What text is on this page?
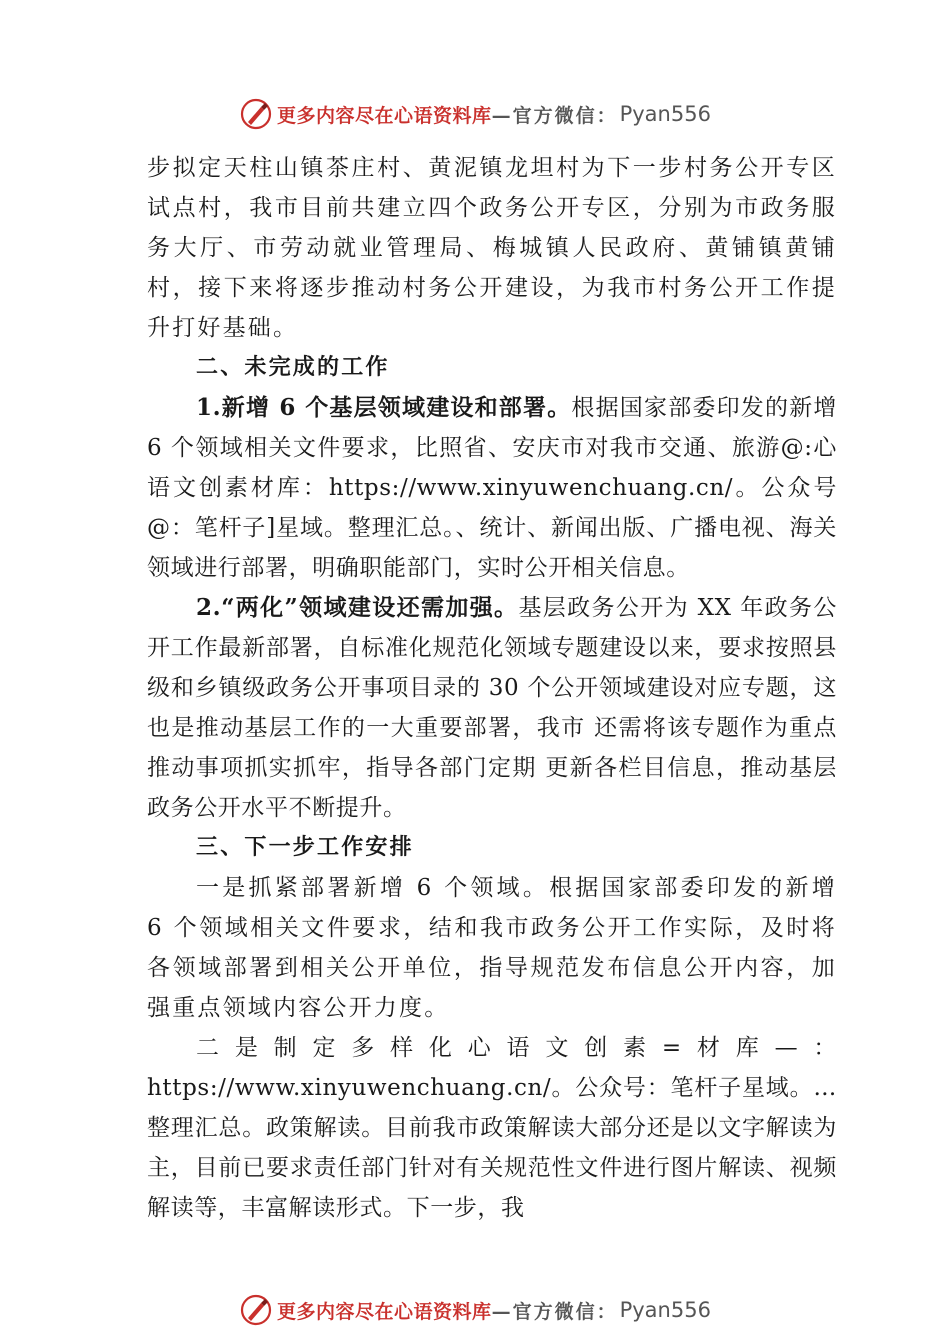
更多内容尽在心语资料库 —官方微信： Pyan556

步拟定天柱山镇茶庄村、黄泥镇龙坦村为下一步村务公开专区试点村，我市目前共建立四个政务公开专区，分别为市政务服务大厅、市劳动就业管理局、梅城镇人民政府、黄铺镇黄铺村，接下来将逐步推动村务公开建设，为我市村务公开工作提升打好基础。

二、未完成的工作

1.新增 6 个基层领域建设和部署。根据国家部委印发的新增 6 个领域相关文件要求，比照省、安庆市对我市交通、旅游@:心语文创素材库：https://www.xinyuwenchuang.cn/。公众号@：笔杆子]星域。整理汇总。、统计、新闻出版、广播电视、海关领域进行部署，明确职能部门，实时公开相关信息。

2.“两化”领域建设还需加强。基层政务公开为 XX 年政务公开工作最新部署，自标准化规范化领域专题建设以来，要求按照县级和乡镇级政务公开事项目录的 30 个公开领域建设对应专题，这也是推动基层工作的一大重要部署，我市 还需将该专题作为重点推动事项抓实抓牢，指导各部门定期 更新各栏目信息，推动基层政务公开水平不断提升。

三、下一步工作安排

一是抓紧部署新增 6 个领域。根据国家部委印发的新增 6 个领域相关文件要求，结和我市政务公开工作实际，及时将各领域部署到相关公开单位，指导规范发布信息公开内容，加强重点领域内容公开力度。

二是制定多样化心语文创素=材库—：https://www.xinyuwenchuang.cn/。公众号：笔杆子星域。…整理汇总。政策解读。目前我市政策解读大部分还是以文字解读为主，目前已要求责任部门针对有关规范性文件进行图片解读、视频解读等，丰富解读形式。下一步，我

更多内容尽在心语资料库 —官方微信： Pyan556
